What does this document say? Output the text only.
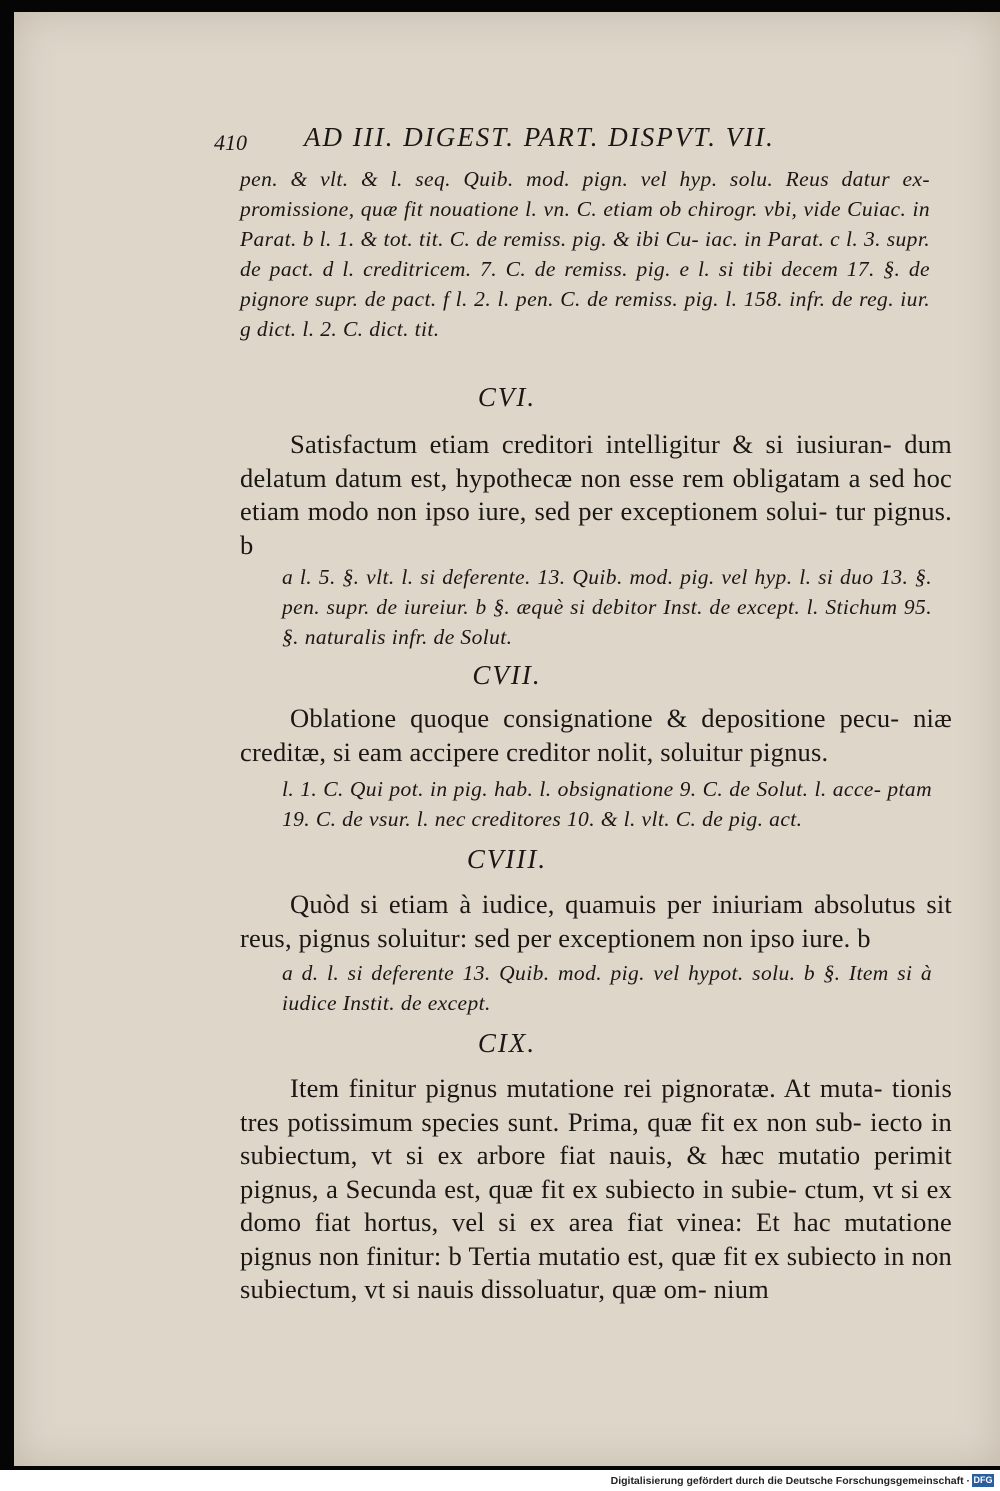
410 AD III. DIGEST. PART. DISPVT. VII.
pen. & vlt. & l. seq. Quib. mod. pign. vel hyp. solu. Reus datur ex- promissione, quæ fit nouatione l. vn. C. etiam ob chirogr. vbi, vide Cuiac. in Parat. b l. 1. & tot. tit. C. de remiss. pig. & ibi Cu- iac. in Parat. c l. 3. supr. de pact. d l. creditricem. 7. C. de remiss. pig. e l. si tibi decem 17. §. de pignore supr. de pact. f l. 2. l. pen. C. de remiss. pig. l. 158. infr. de reg. iur. g dict. l. 2. C. dict. tit.
CVI.
Satisfactum etiam creditori intelligitur & si iusiuran- dum delatum datum est, hypothecæ non esse rem obligatam a sed hoc etiam modo non ipso iure, sed per exceptionem solui- tur pignus. b
a l. 5. §. vlt. l. si deferente. 13. Quib. mod. pig. vel hyp. l. si duo 13. §. pen. supr. de iureiur. b §. æquè si debitor Inst. de except. l. Stichum 95. §. naturalis infr. de Solut.
CVII.
Oblatione quoque consignatione & depositione pecu- niæ creditæ, si eam accipere creditor nolit, soluitur pignus.
l. 1. C. Qui pot. in pig. hab. l. obsignatione 9. C. de Solut. l. acce- ptam 19. C. de vsur. l. nec creditores 10. & l. vlt. C. de pig. act.
CVIII.
Quòd si etiam à iudice, quamuis per iniuriam absolutus sit reus, pignus soluitur: sed per exceptionem non ipso iure. b
a d. l. si deferente 13. Quib. mod. pig. vel hypot. solu. b §. Item si à iudice Instit. de except.
CIX.
Item finitur pignus mutatione rei pignoratæ. At muta- tionis tres potissimum species sunt. Prima, quæ fit ex non sub- iecto in subiectum, vt si ex arbore fiat nauis, & hæc mutatio perimit pignus, a Secunda est, quæ fit ex subiecto in subie- ctum, vt si ex domo fiat hortus, vel si ex area fiat vinea: Et hac mutatione pignus non finitur: b Tertia mutatio est, quæ fit ex subiecto in non subiectum, vt si nauis dissoluatur, quæ om- nium
Digitalisierung gefördert durch die Deutsche Forschungsgemeinschaft · DFG
